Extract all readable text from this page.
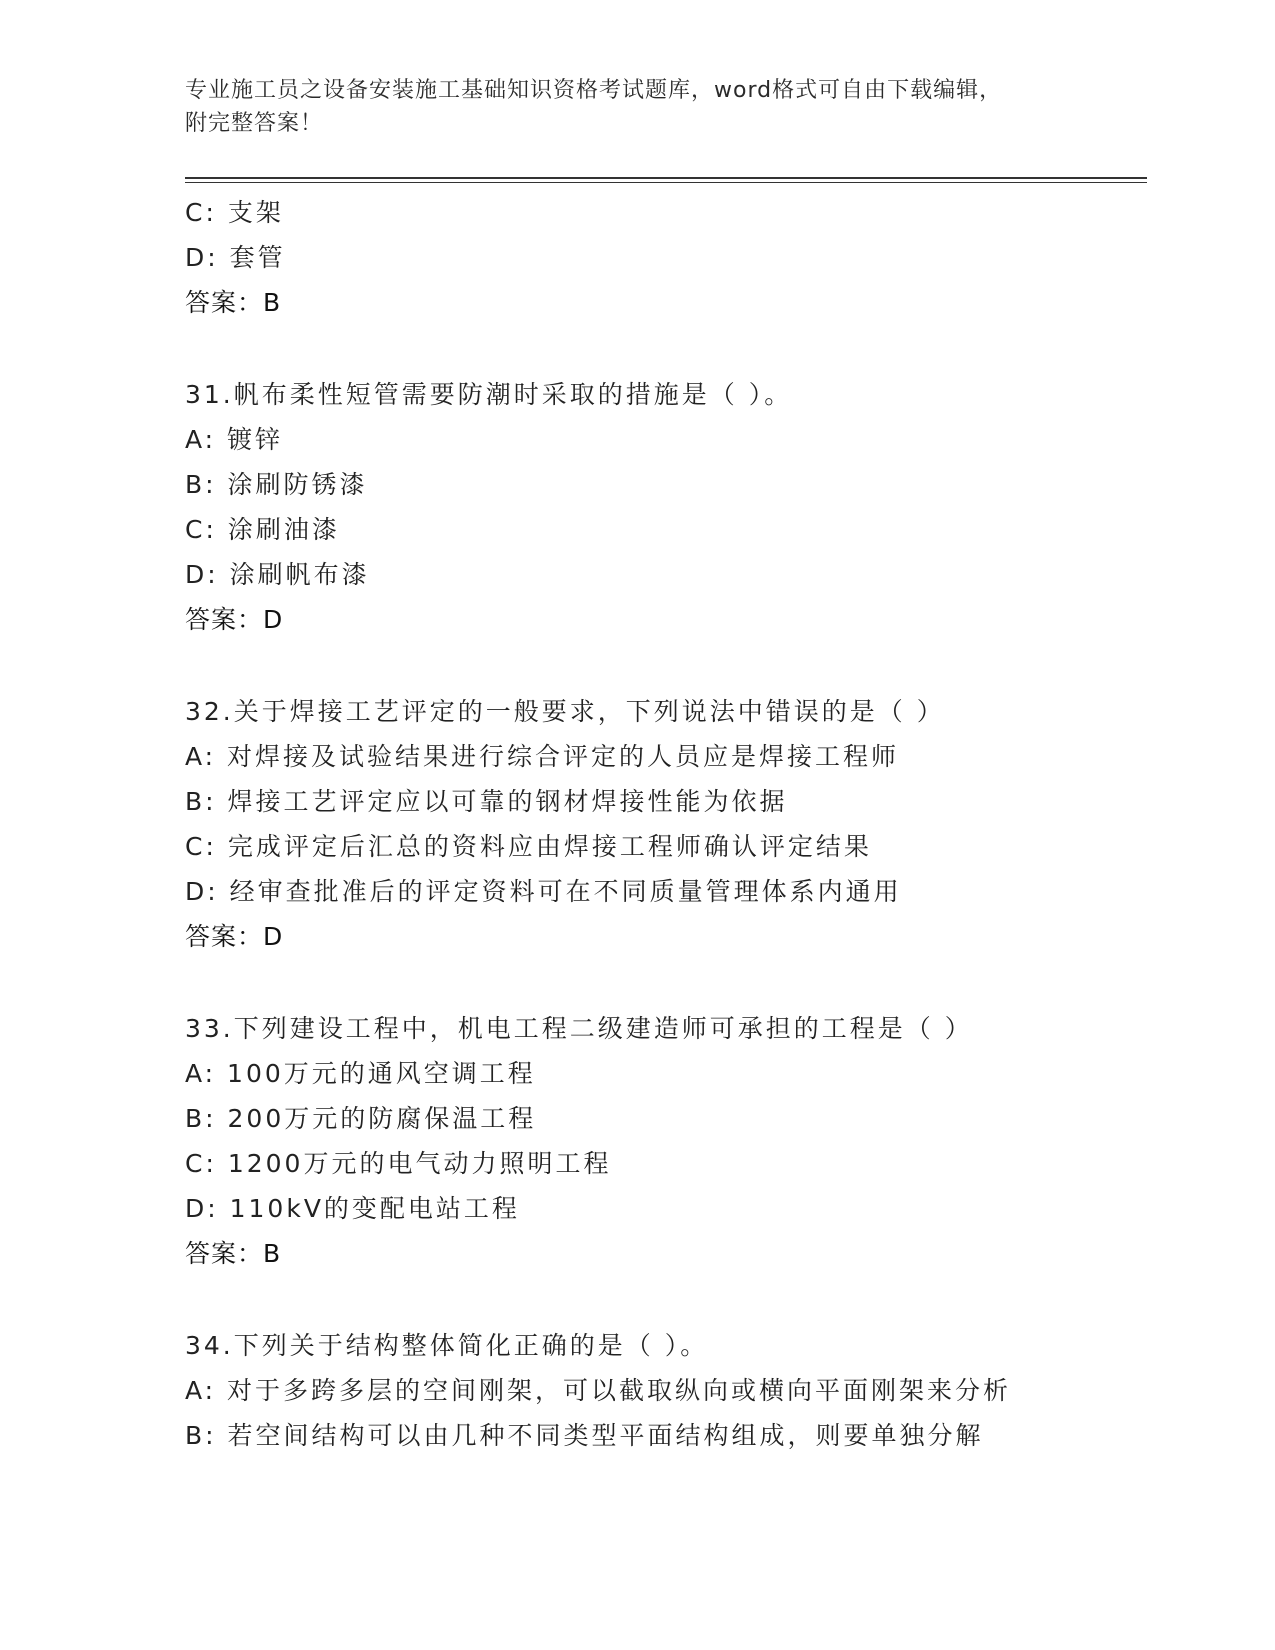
专业施工员之设备安装施工基础知识资格考试题库，word格式可自由下载编辑，
附完整答案！
C: 支架
D: 套管
答案：B
31.帆布柔性短管需要防潮时采取的措施是（ ）。
A: 镀锌
B: 涂刷防锈漆
C: 涂刷油漆
D: 涂刷帆布漆
答案：D
32.关于焊接工艺评定的一般要求，下列说法中错误的是（ ）
A: 对焊接及试验结果进行综合评定的人员应是焊接工程师
B: 焊接工艺评定应以可靠的钢材焊接性能为依据
C: 完成评定后汇总的资料应由焊接工程师确认评定结果
D: 经审查批准后的评定资料可在不同质量管理体系内通用
答案：D
33.下列建设工程中，机电工程二级建造师可承担的工程是（ ）
A: 100万元的通风空调工程
B: 200万元的防腐保温工程
C: 1200万元的电气动力照明工程
D: 110kV的变配电站工程
答案：B
34.下列关于结构整体简化正确的是（ ）。
A: 对于多跨多层的空间刚架，可以截取纵向或横向平面刚架来分析
B: 若空间结构可以由几种不同类型平面结构组成，则要单独分解
